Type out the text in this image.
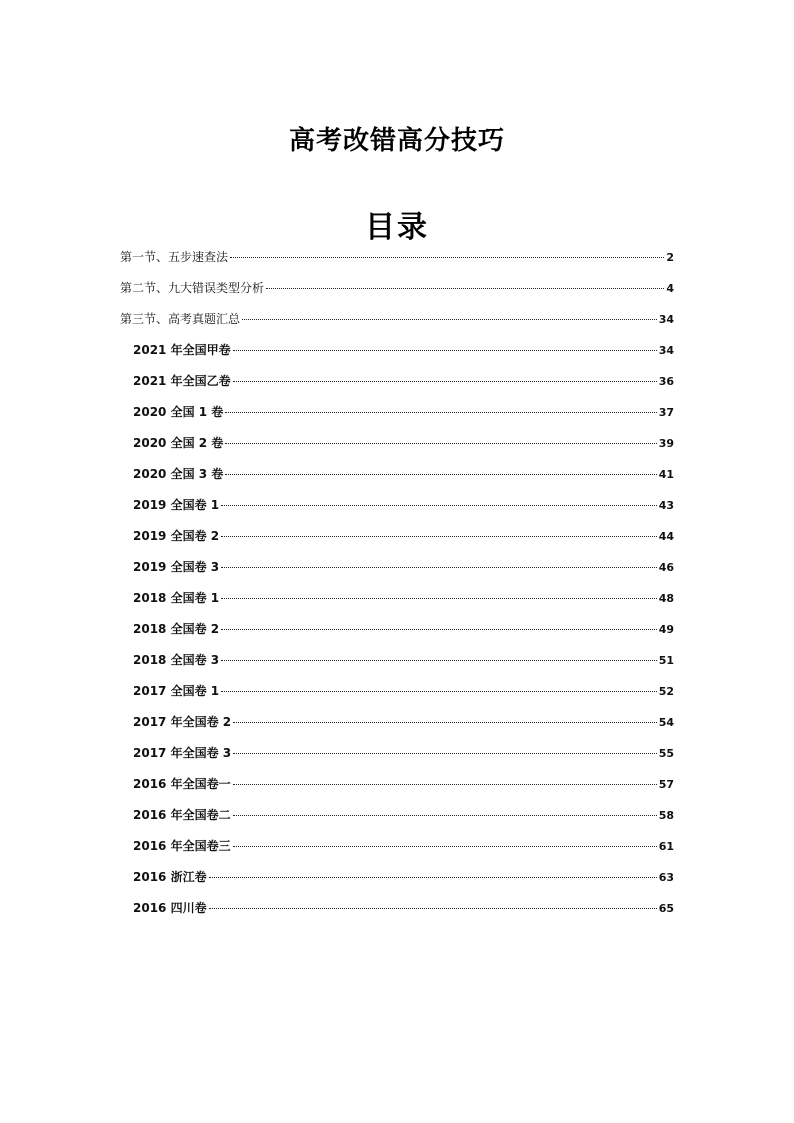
高考改错高分技巧
目录
第一节、五步速查法	2
第二节、九大错误类型分析	4
第三节、高考真题汇总	34
2021 年全国甲卷	34
2021 年全国乙卷	36
2020 全国 1 卷	37
2020 全国 2 卷	39
2020 全国 3 卷	41
2019 全国卷 1	43
2019 全国卷 2	44
2019 全国卷 3	46
2018 全国卷 1	48
2018 全国卷 2	49
2018 全国卷 3	51
2017 全国卷 1	52
2017 年全国卷 2	54
2017 年全国卷 3	55
2016 年全国卷一	57
2016 年全国卷二	58
2016 年全国卷三	61
2016 浙江卷	63
2016 四川卷	65
